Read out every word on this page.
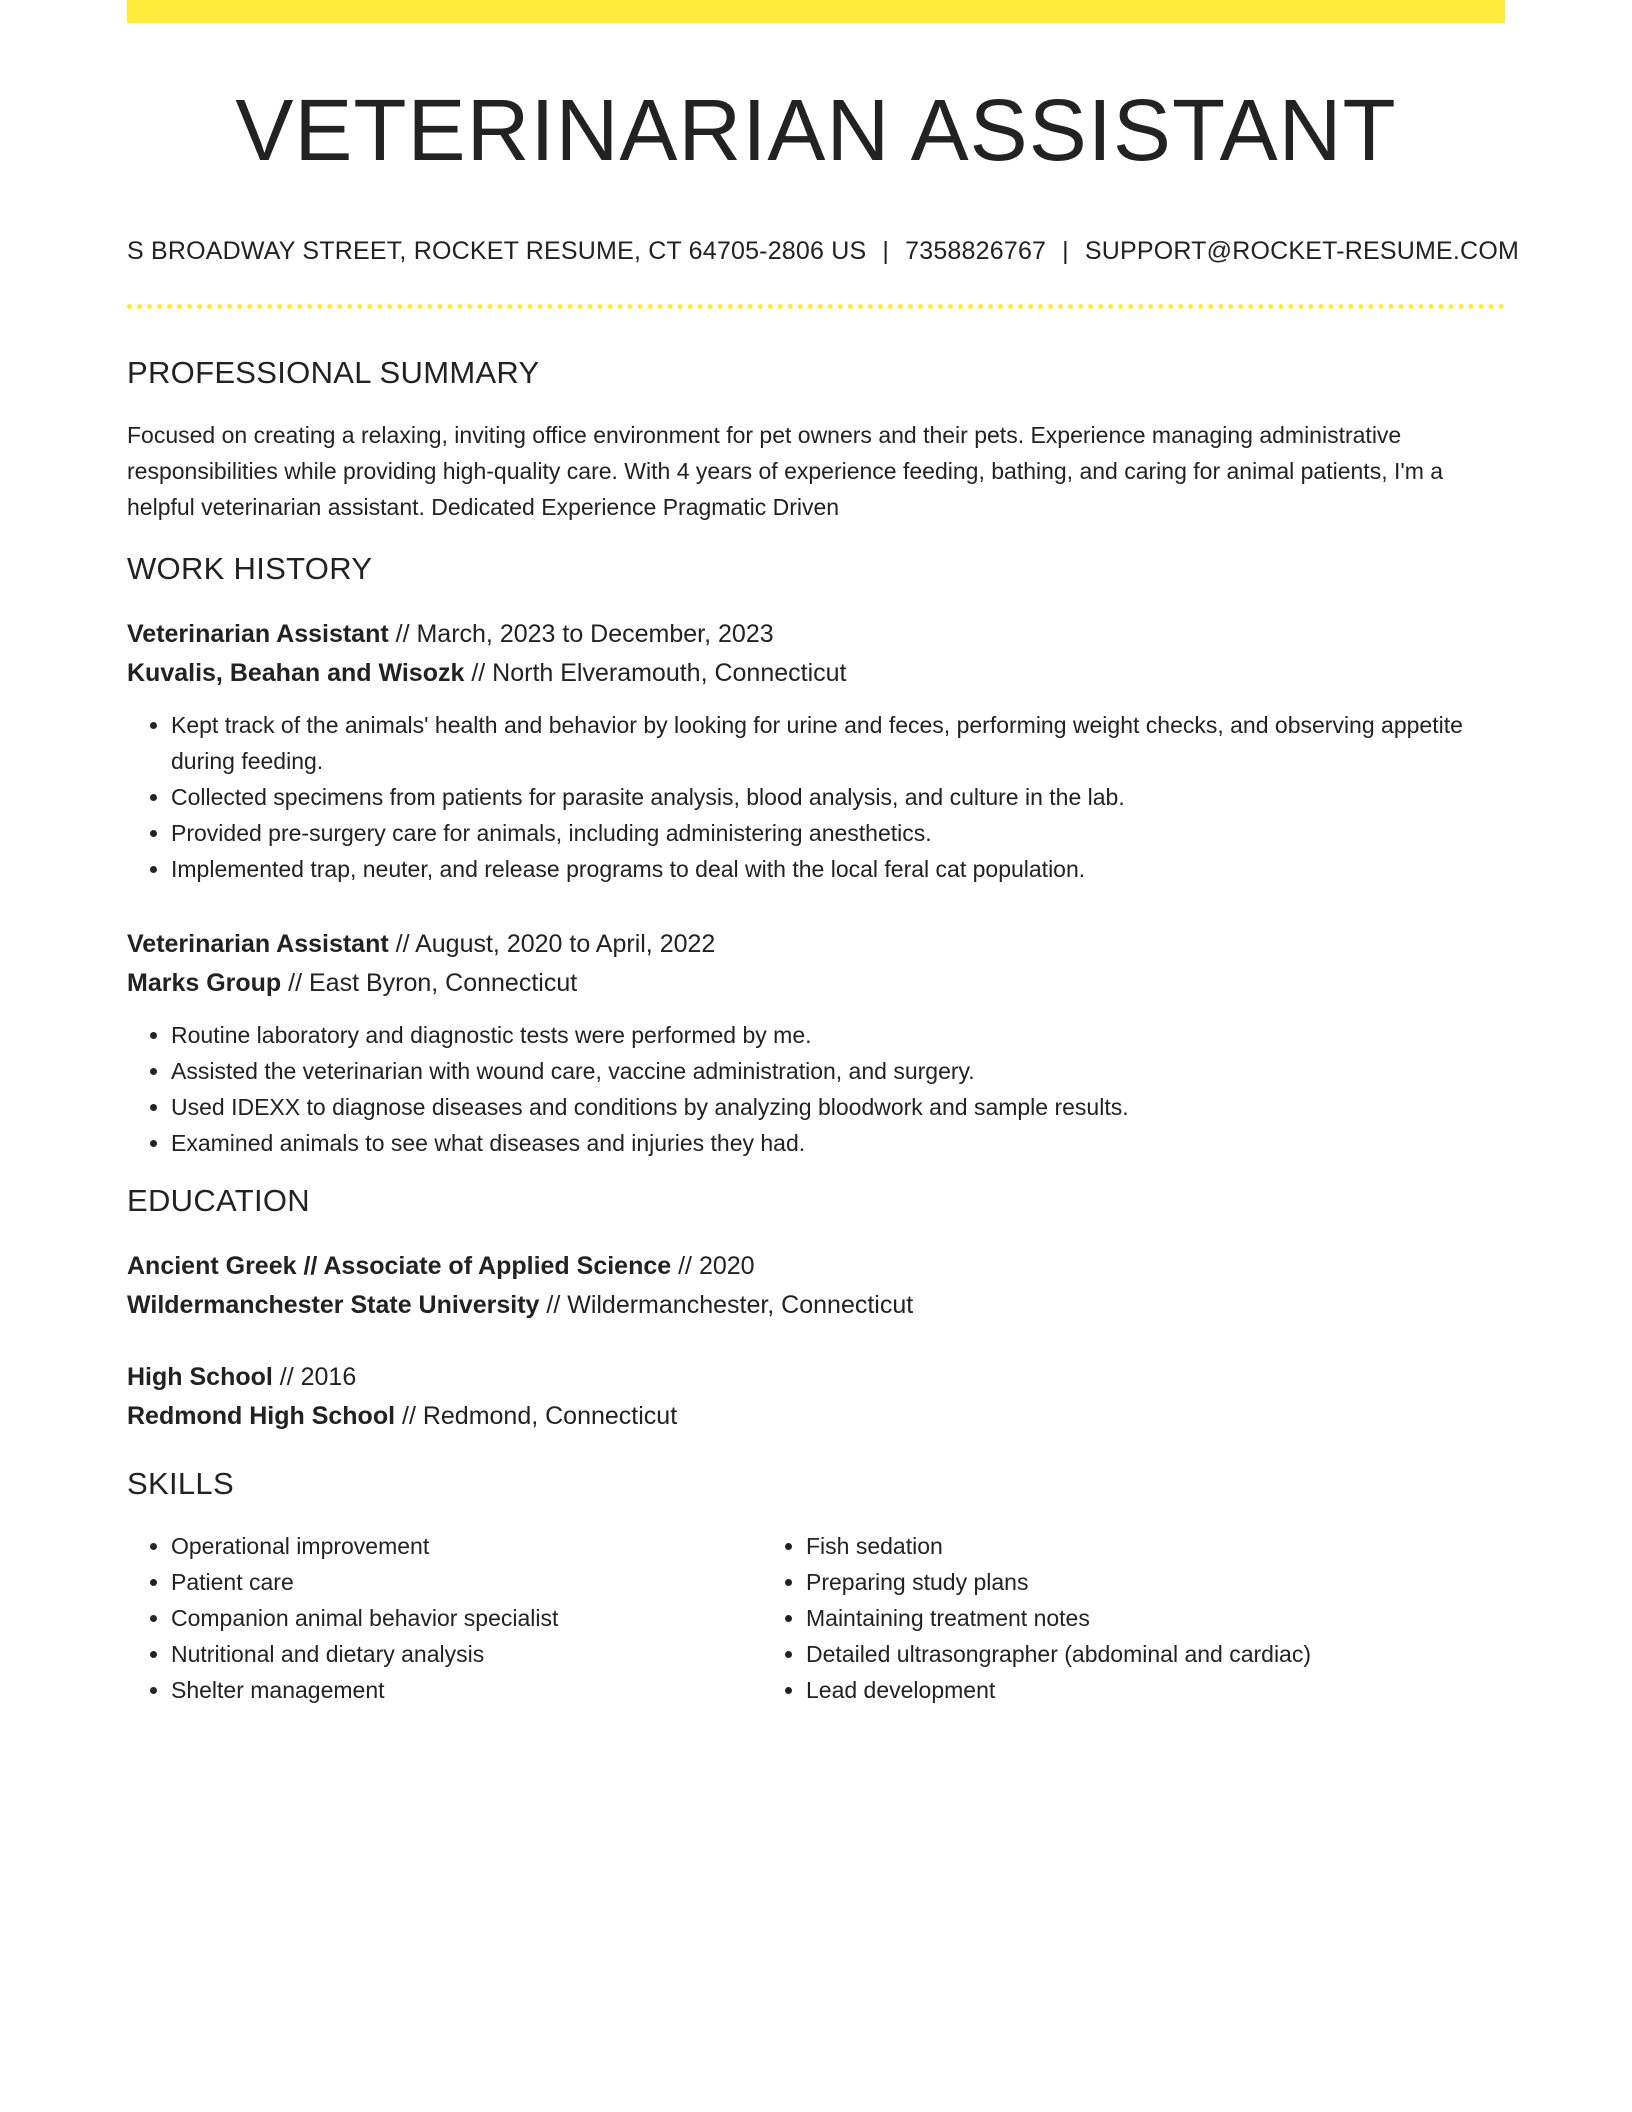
VETERINARIAN ASSISTANT
S BROADWAY STREET, ROCKET RESUME, CT 64705-2806 US | 7358826767 | SUPPORT@ROCKET-RESUME.COM
PROFESSIONAL SUMMARY

Focused on creating a relaxing, inviting office environment for pet owners and their pets. Experience managing administrative responsibilities while providing high-quality care. With 4 years of experience feeding, bathing, and caring for animal patients, I'm a helpful veterinarian assistant. Dedicated Experience Pragmatic Driven

WORK HISTORY
Veterinarian Assistant // March, 2023 to December, 2023
Kuvalis, Beahan and Wisozk // North Elveramouth, Connecticut
• Kept track of the animals' health and behavior by looking for urine and feces, performing weight checks, and observing appetite during feeding.
• Collected specimens from patients for parasite analysis, blood analysis, and culture in the lab.
• Provided pre-surgery care for animals, including administering anesthetics.
• Implemented trap, neuter, and release programs to deal with the local feral cat population.
Veterinarian Assistant // August, 2020 to April, 2022
Marks Group // East Byron, Connecticut
• Routine laboratory and diagnostic tests were performed by me.
• Assisted the veterinarian with wound care, vaccine administration, and surgery.
• Used IDEXX to diagnose diseases and conditions by analyzing bloodwork and sample results.
• Examined animals to see what diseases and injuries they had.
EDUCATION
Ancient Greek // Associate of Applied Science // 2020
Wildermanchester State University // Wildermanchester, Connecticut
High School // 2016
Redmond High School // Redmond, Connecticut
SKILLS
• Operational improvement
• Patient care
• Companion animal behavior specialist
• Nutritional and dietary analysis
• Shelter management
• Fish sedation
• Preparing study plans
• Maintaining treatment notes
• Detailed ultrasongrapher (abdominal and cardiac)
• Lead development
